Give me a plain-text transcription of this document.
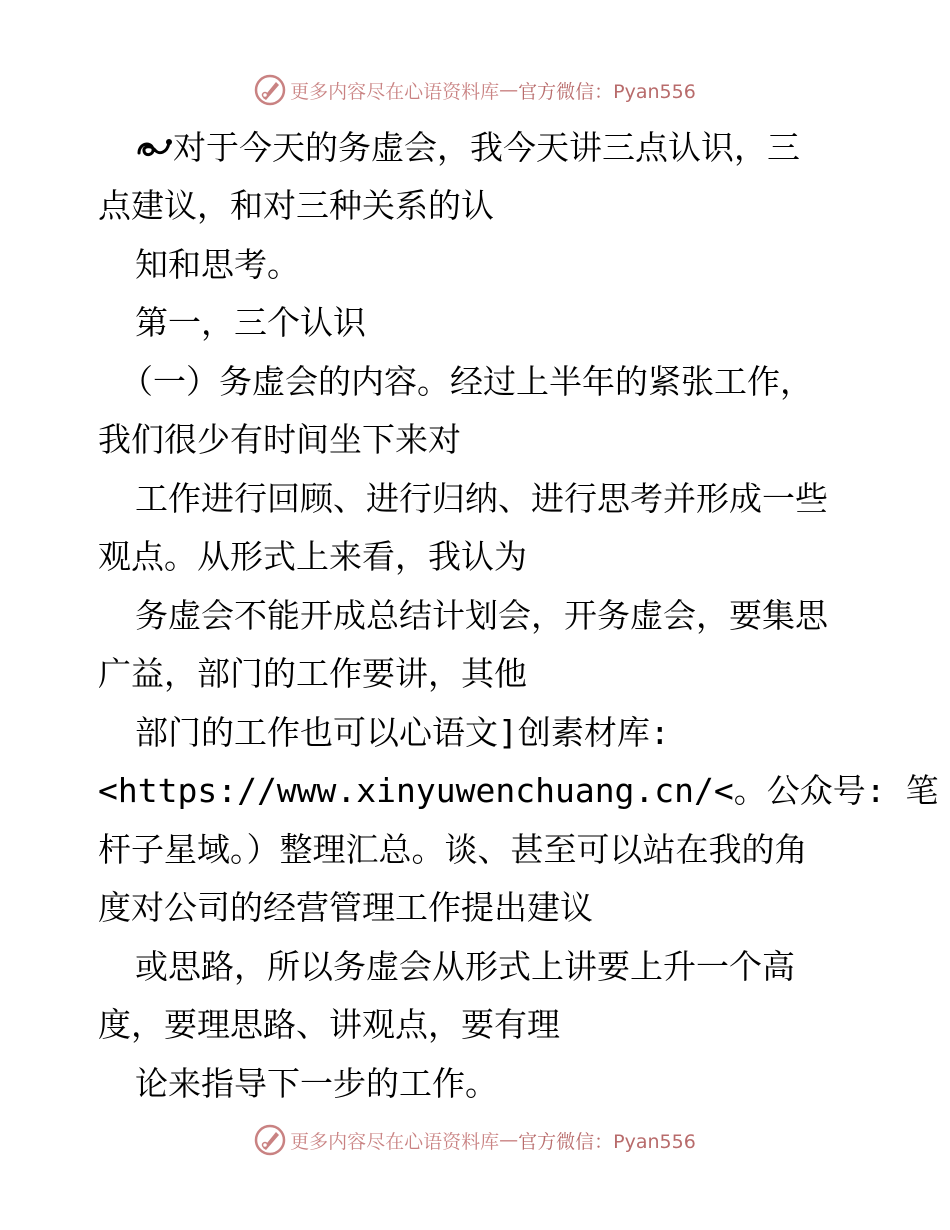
更多内容尽在心语资料库 — 官方微信：Pyan556
对于今天的务虚会，我今天讲三点认识，三
点建议，和对三种关系的认
知和思考。
第一，三个认识
（一）务虚会的内容。经过上半年的紧张工作，
我们很少有时间坐下来对
工作进行回顾、进行归纳、进行思考并形成一些
观点。从形式上来看，我认为
务虚会不能开成总结计划会，开务虚会，要集思
广益，部门的工作要讲，其他
部门的工作也可以心语文]创素材库:
<https://www.xinyuwenchuang.cn/<。公众号: 笔
杆子星域。）整理汇总。谈、甚至可以站在我的角
度对公司的经营管理工作提出建议
或思路，所以务虚会从形式上讲要上升一个高
度，要理思路、讲观点，要有理
论来指导下一步的工作。
更多内容尽在心语资料库 — 官方微信：Pyan556
